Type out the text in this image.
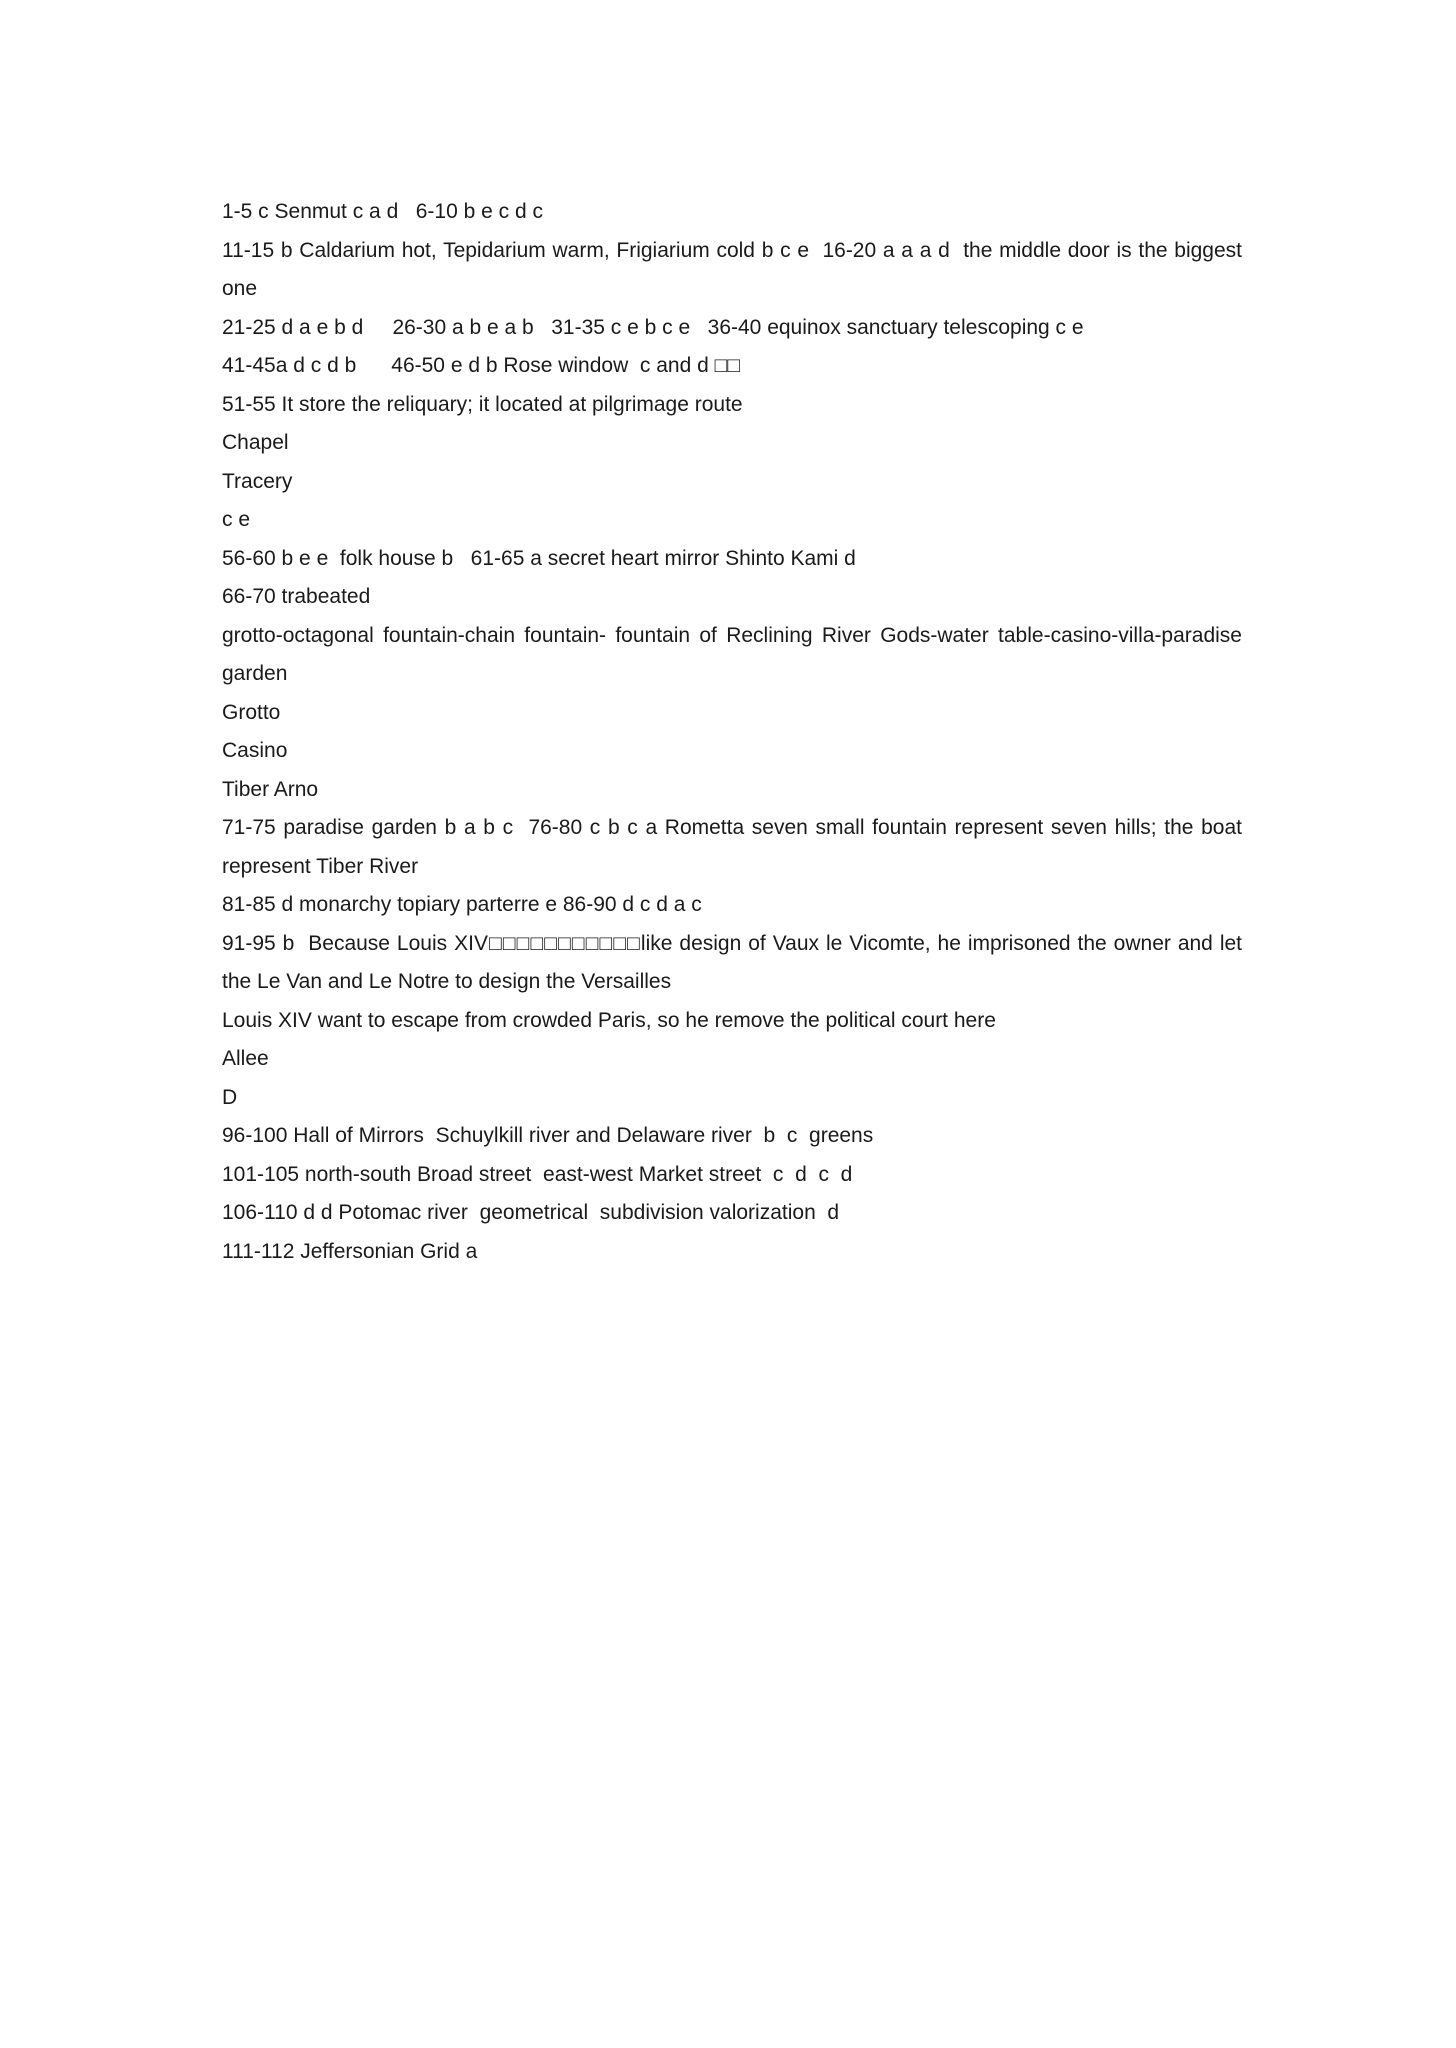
1-5 c Senmut c a d   6-10 b e c d c

11-15 b Caldarium hot, Tepidarium warm, Frigiarium cold b c e  16-20 a a a d  the middle door is the biggest one

21-25 d a e b d     26-30 a b e a b   31-35 c e b c e   36-40 equinox sanctuary telescoping c e

41-45a d c d b      46-50 e d b Rose window  c and d □□

51-55 It store the reliquary; it located at pilgrimage route

Chapel

Tracery

c e

56-60 b e e  folk house b   61-65 a secret heart mirror Shinto Kami d

66-70 trabeated

grotto-octagonal fountain-chain fountain- fountain of Reclining River Gods-water table-casino-villa-paradise garden

Grotto

Casino

Tiber Arno

71-75 paradise garden b a b c  76-80 c b c a Rometta seven small fountain represent seven hills; the boat represent Tiber River

81-85 d monarchy topiary parterre e 86-90 d c d a c

91-95 b  Because Louis XIV□□□□□□□□□□□like design of Vaux le Vicomte, he imprisoned the owner and let the Le Van and Le Notre to design the Versailles

Louis XIV want to escape from crowded Paris, so he remove the political court here

Allee

D

96-100 Hall of Mirrors  Schuylkill river and Delaware river  b  c  greens

101-105 north-south Broad street  east-west Market street  c  d  c  d

106-110 d d Potomac river  geometrical  subdivision valorization  d

111-112 Jeffersonian Grid a
